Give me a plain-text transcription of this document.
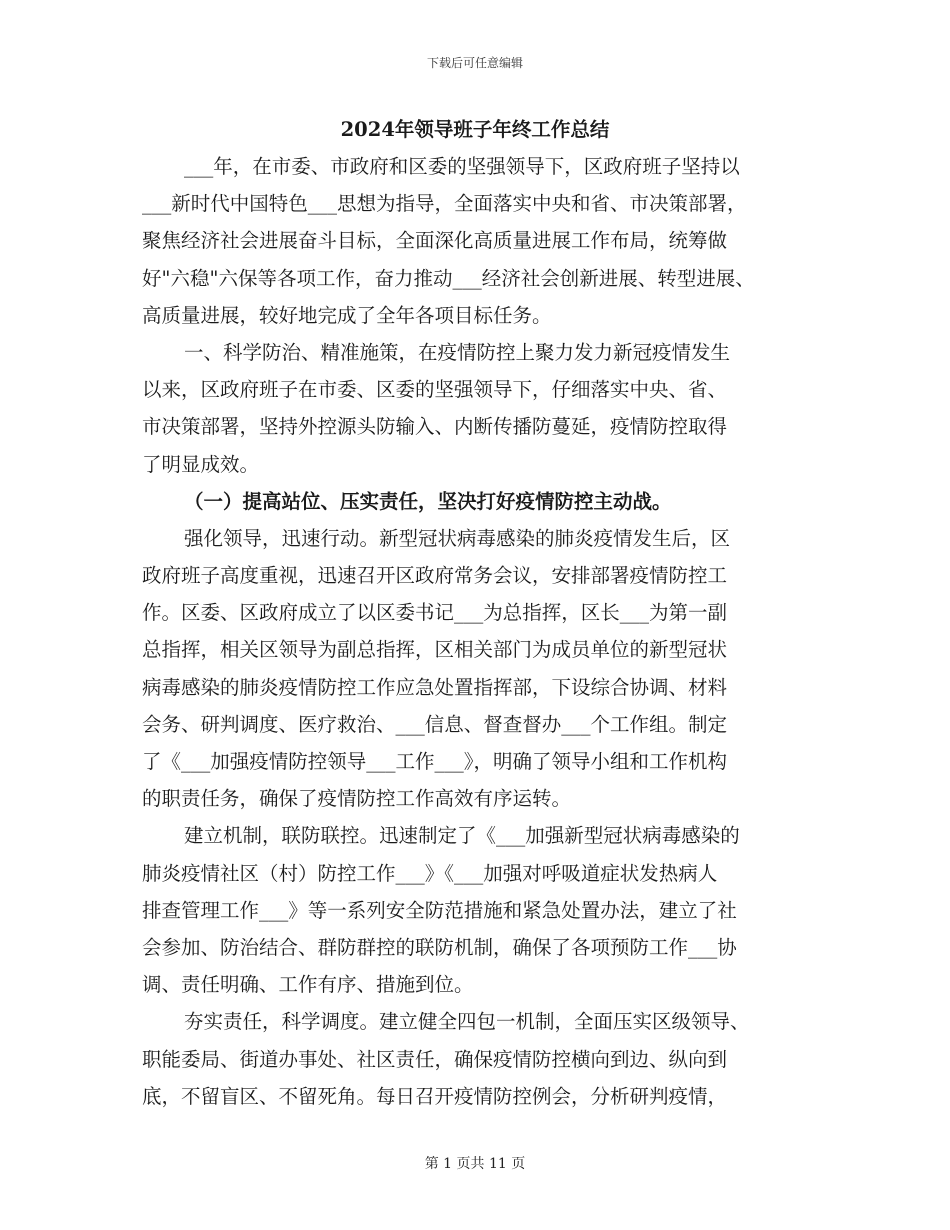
下载后可任意编辑
2024年领导班子年终工作总结
___年，在市委、市政府和区委的坚强领导下，区政府班子坚持以
___新时代中国特色___思想为指导，全面落实中央和省、市决策部署，
聚焦经济社会进展奋斗目标，全面深化高质量进展工作布局，统筹做
好"六稳"六保等各项工作，奋力推动___经济社会创新进展、转型进展、
高质量进展，较好地完成了全年各项目标任务。
一、科学防治、精准施策，在疫情防控上聚力发力新冠疫情发生
以来，区政府班子在市委、区委的坚强领导下，仔细落实中央、省、
市决策部署，坚持外控源头防输入、内断传播防蔓延，疫情防控取得
了明显成效。
（一）提高站位、压实责任，坚决打好疫情防控主动战。
强化领导，迅速行动。新型冠状病毒感染的肺炎疫情发生后，区
政府班子高度重视，迅速召开区政府常务会议，安排部署疫情防控工
作。区委、区政府成立了以区委书记___为总指挥，区长___为第一副
总指挥，相关区领导为副总指挥，区相关部门为成员单位的新型冠状
病毒感染的肺炎疫情防控工作应急处置指挥部，下设综合协调、材料
会务、研判调度、医疗救治、___信息、督查督办___个工作组。制定
了《___加强疫情防控领导___工作___》，明确了领导小组和工作机构
的职责任务，确保了疫情防控工作高效有序运转。
建立机制，联防联控。迅速制定了《___加强新型冠状病毒感染的
肺炎疫情社区（村）防控工作___》《___加强对呼吸道症状发热病人
排查管理工作___》等一系列安全防范措施和紧急处置办法，建立了社
会参加、防治结合、群防群控的联防机制，确保了各项预防工作___协
调、责任明确、工作有序、措施到位。
夯实责任，科学调度。建立健全四包一机制，全面压实区级领导、
职能委局、街道办事处、社区责任，确保疫情防控横向到边、纵向到
底，不留盲区、不留死角。每日召开疫情防控例会，分析研判疫情，
第 1 页共 11 页
